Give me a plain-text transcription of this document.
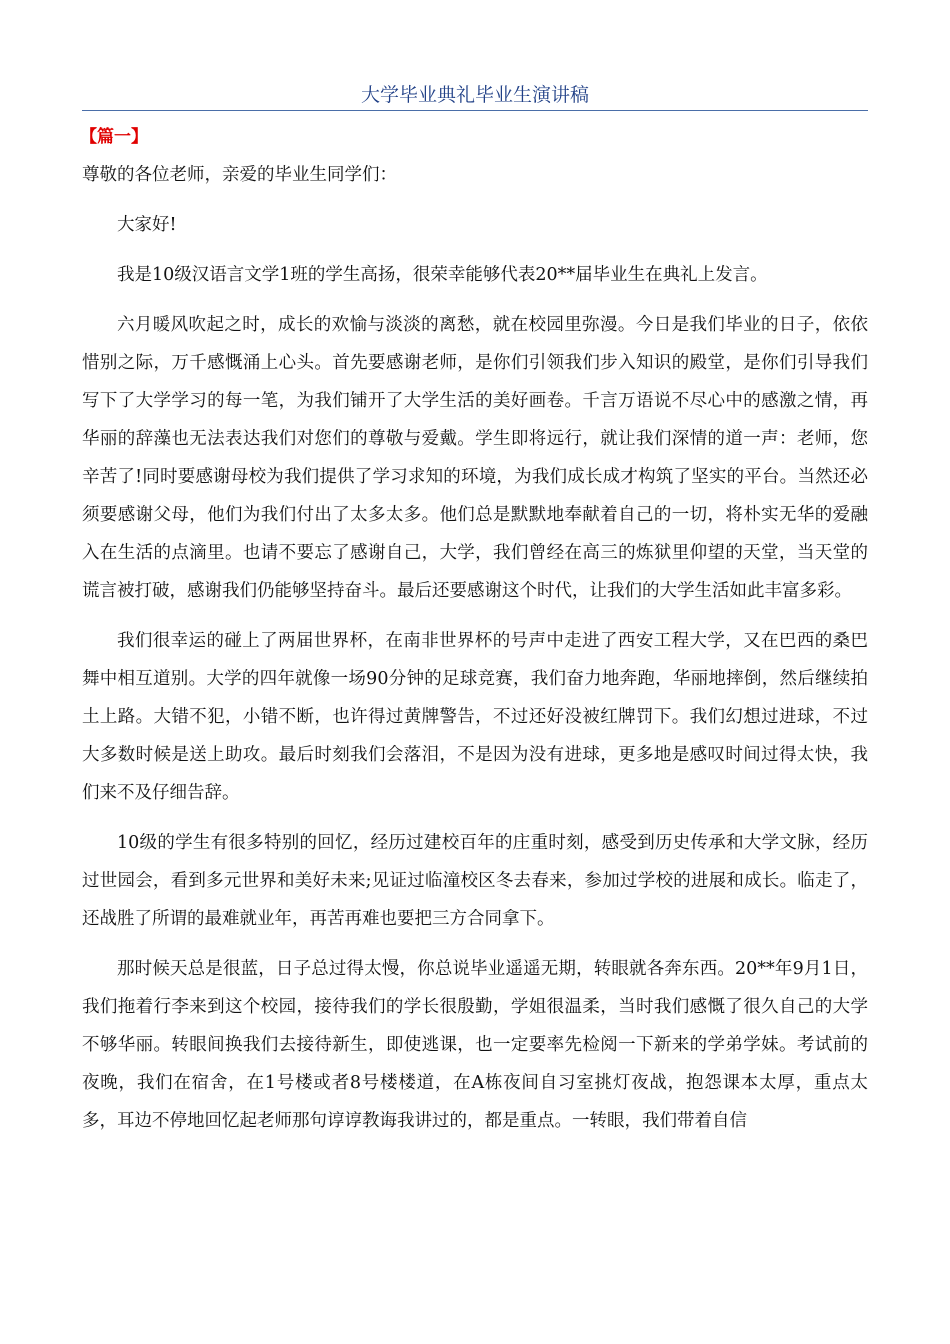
大学毕业典礼毕业生演讲稿
【篇一】

尊敬的各位老师，亲爱的毕业生同学们：

大家好!

我是10级汉语言文学1班的学生高扬，很荣幸能够代表20**届毕业生在典礼上发言。

六月暖风吹起之时，成长的欢愉与淡淡的离愁，就在校园里弥漫。今日是我们毕业的日子，依依惜别之际，万千感慨涌上心头。首先要感谢老师，是你们引领我们步入知识的殿堂，是你们引导我们写下了大学学习的每一笔，为我们铺开了大学生活的美好画卷。千言万语说不尽心中的感激之情，再华丽的辞藻也无法表达我们对您们的尊敬与爱戴。学生即将远行，就让我们深情的道一声：老师，您辛苦了!同时要感谢母校为我们提供了学习求知的环境，为我们成长成才构筑了坚实的平台。当然还必须要感谢父母，他们为我们付出了太多太多。他们总是默默地奉献着自己的一切，将朴实无华的爱融入在生活的点滴里。也请不要忘了感谢自己，大学，我们曾经在高三的炼狱里仰望的天堂，当天堂的谎言被打破，感谢我们仍能够坚持奋斗。最后还要感谢这个时代，让我们的大学生活如此丰富多彩。

我们很幸运的碰上了两届世界杯，在南非世界杯的号声中走进了西安工程大学，又在巴西的桑巴舞中相互道别。大学的四年就像一场90分钟的足球竞赛，我们奋力地奔跑，华丽地摔倒，然后继续拍土上路。大错不犯，小错不断，也许得过黄牌警告，不过还好没被红牌罚下。我们幻想过进球，不过大多数时候是送上助攻。最后时刻我们会落泪，不是因为没有进球，更多地是感叹时间过得太快，我们来不及仔细告辞。

10级的学生有很多特别的回忆，经历过建校百年的庄重时刻，感受到历史传承和大学文脉，经历过世园会，看到多元世界和美好未来;见证过临潼校区冬去春来，参加过学校的进展和成长。临走了，还战胜了所谓的最难就业年，再苦再难也要把三方合同拿下。

那时候天总是很蓝，日子总过得太慢，你总说毕业遥遥无期，转眼就各奔东西。20**年9月1日，我们拖着行李来到这个校园，接待我们的学长很殷勤，学姐很温柔，当时我们感慨了很久自己的大学不够华丽。转眼间换我们去接待新生，即使逃课，也一定要率先检阅一下新来的学弟学妹。考试前的夜晚，我们在宿舍，在1号楼或者8号楼楼道，在A栋夜间自习室挑灯夜战，抱怨课本太厚，重点太多，耳边不停地回忆起老师那句谆谆教诲我讲过的，都是重点。一转眼，我们带着自信
